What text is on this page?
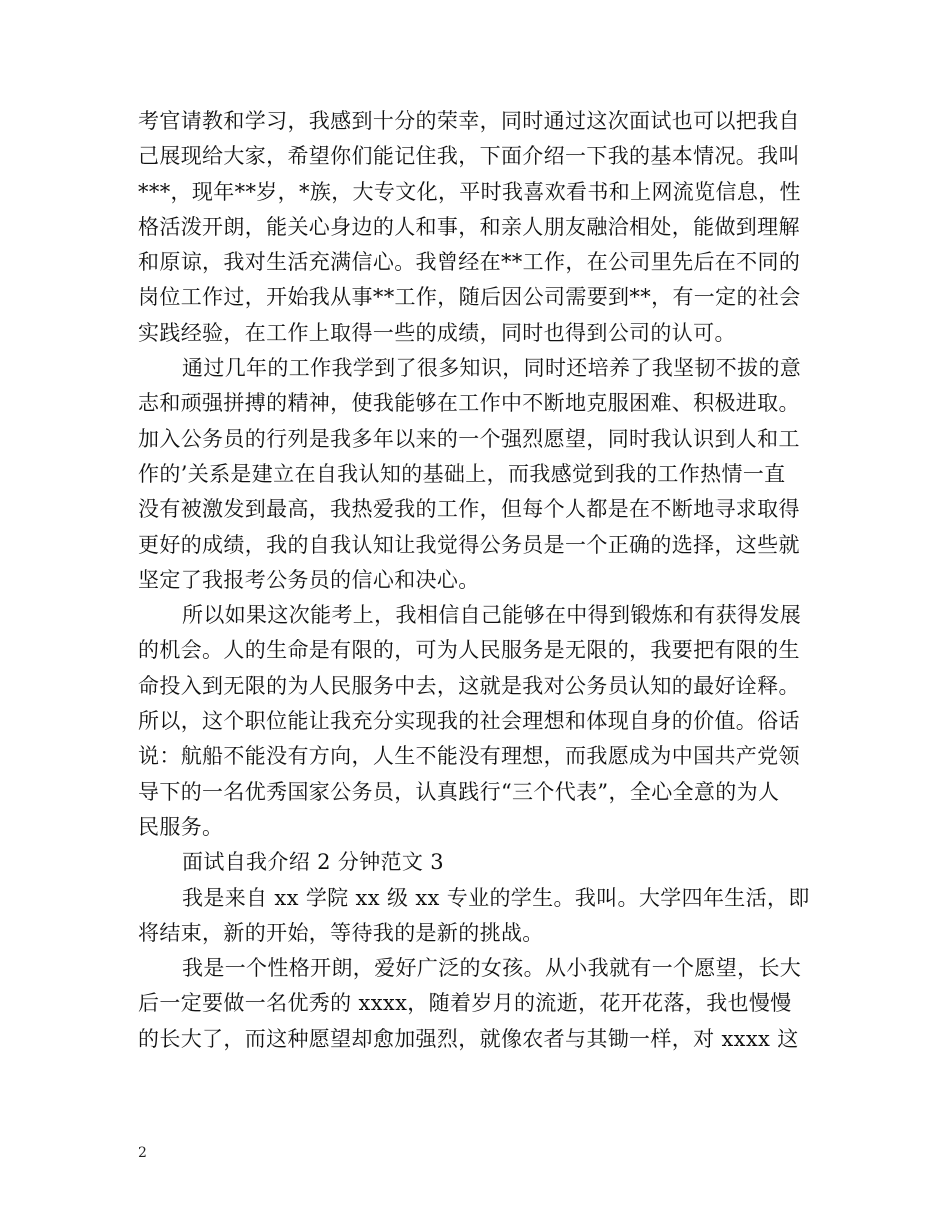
考官请教和学习，我感到十分的荣幸，同时通过这次面试也可以把我自
己展现给大家，希望你们能记住我，下面介绍一下我的基本情况。我叫
***，现年**岁，*族，大专文化，平时我喜欢看书和上网流览信息，性
格活泼开朗，能关心身边的人和事，和亲人朋友融洽相处，能做到理解
和原谅，我对生活充满信心。我曾经在**工作，在公司里先后在不同的
岗位工作过，开始我从事**工作，随后因公司需要到**，有一定的社会
实践经验，在工作上取得一些的成绩，同时也得到公司的认可。
通过几年的工作我学到了很多知识，同时还培养了我坚韧不拔的意
志和顽强拼搏的精神，使我能够在工作中不断地克服困难、积极进取。
加入公务员的行列是我多年以来的一个强烈愿望，同时我认识到人和工
作的’关系是建立在自我认知的基础上，而我感觉到我的工作热情一直
没有被激发到最高，我热爱我的工作，但每个人都是在不断地寻求取得
更好的成绩，我的自我认知让我觉得公务员是一个正确的选择，这些就
坚定了我报考公务员的信心和决心。
所以如果这次能考上，我相信自己能够在中得到锻炼和有获得发展
的机会。人的生命是有限的，可为人民服务是无限的，我要把有限的生
命投入到无限的为人民服务中去，这就是我对公务员认知的最好诠释。
所以，这个职位能让我充分实现我的社会理想和体现自身的价值。俗话
说：航船不能没有方向，人生不能没有理想，而我愿成为中国共产党领
导下的一名优秀国家公务员，认真践行“三个代表”，全心全意的为人
民服务。
面试自我介绍 2 分钟范文 3
我是来自 xx 学院 xx 级 xx 专业的学生。我叫。大学四年生活，即
将结束，新的开始，等待我的是新的挑战。
我是一个性格开朗，爱好广泛的女孩。从小我就有一个愿望，长大
后一定要做一名优秀的 xxxx，随着岁月的流逝，花开花落，我也慢慢
的长大了，而这种愿望却愈加强烈，就像农者与其锄一样，对 xxxx 这
2
